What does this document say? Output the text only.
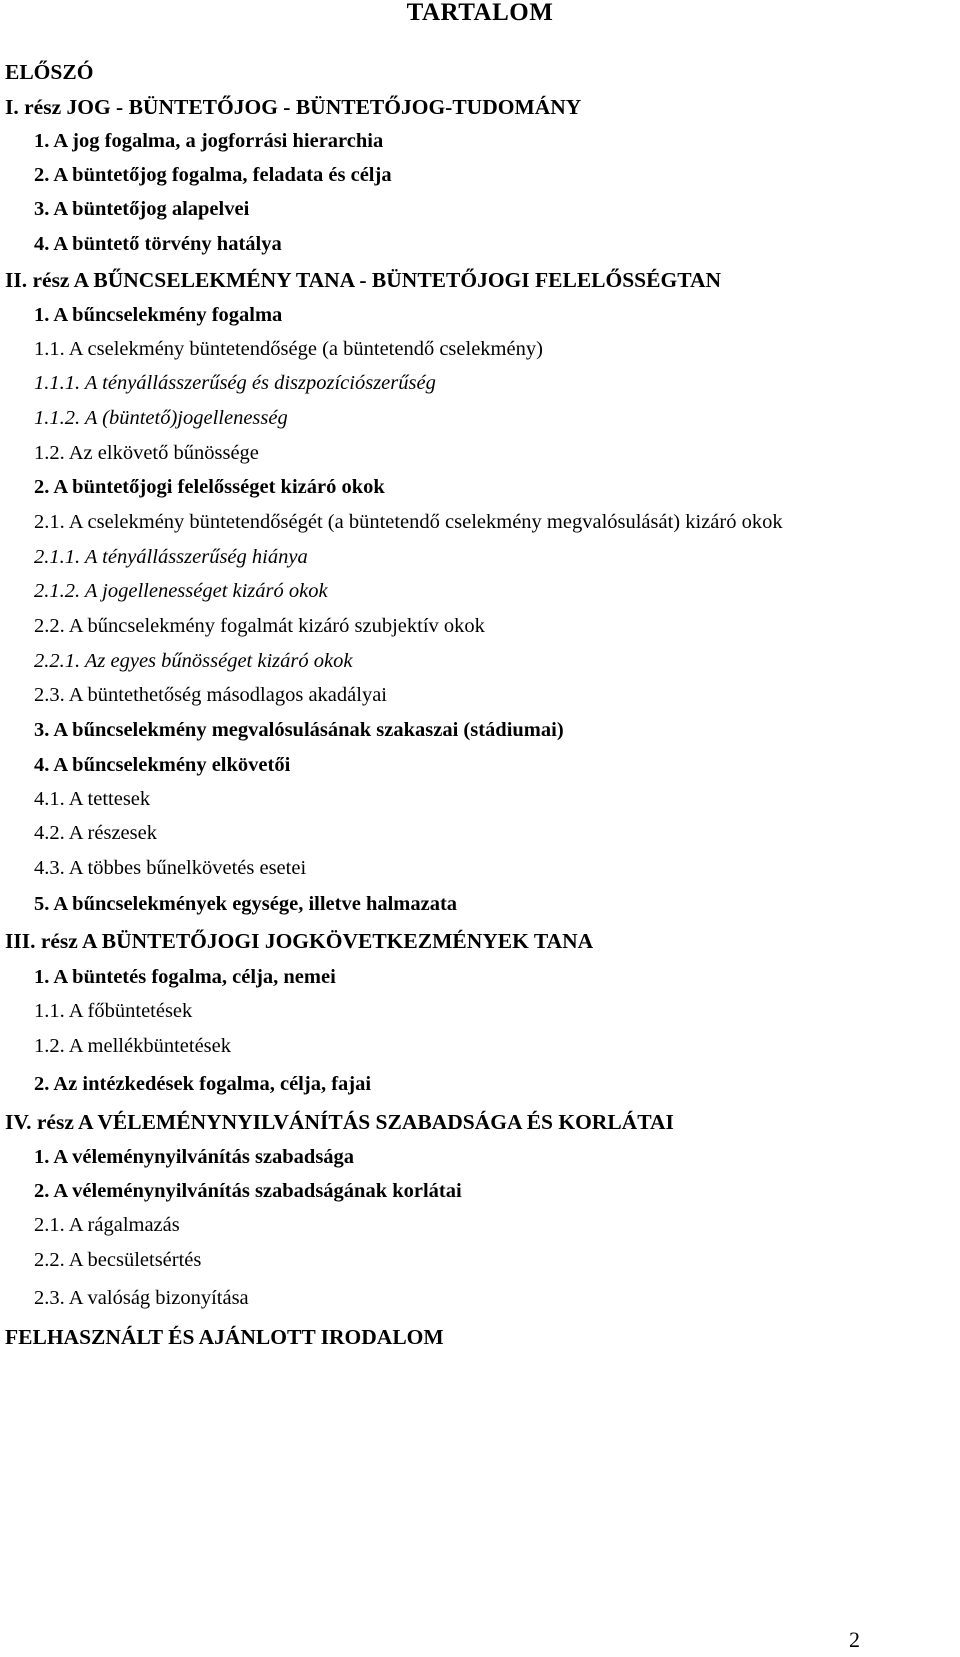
TARTALOM
ELŐSZÓ
I. rész JOG - BÜNTETŐJOG - BÜNTETŐJOG-TUDOMÁNY
1. A jog fogalma, a jogforrási hierarchia
2. A büntetőjog fogalma, feladata és célja
3. A büntetőjog alapelvei
4. A büntető törvény hatálya
II. rész A BŰNCSELEKMÉNY TANA - BÜNTETŐJOGI FELELŐSSÉGTAN
1. A bűncselekmény fogalma
1.1. A cselekmény büntetendősége (a büntetendő cselekmény)
1.1.1. A tényállásszerűség és diszpozíciószerűség
1.1.2. A (büntető)jogellenesség
1.2. Az elkövető bűnössége
2. A büntetőjogi felelősséget kizáró okok
2.1. A cselekmény büntetendőségét (a büntetendő cselekmény megvalósulását) kizáró okok
2.1.1. A tényállásszerűség hiánya
2.1.2. A jogellenességet kizáró okok
2.2. A bűncselekmény fogalmát kizáró szubjektív okok
2.2.1. Az egyes bűnösséget kizáró okok
2.3. A büntethetőség másodlagos akadályai
3. A bűncselekmény megvalósulásának szakaszai (stádiumai)
4. A bűncselekmény elkövetői
4.1. A tettesek
4.2. A részesek
4.3. A többes bűnelkövetés esetei
5. A bűncselekmények egysége, illetve halmazata
III. rész A BÜNTETŐJOGI JOGKÖVETKEZMÉNYEK TANA
1. A büntetés fogalma, célja, nemei
1.1. A főbüntetések
1.2. A mellékbüntetések
2. Az intézkedések fogalma, célja, fajai
IV. rész A VÉLEMÉNYNYILVÁNÍTÁS SZABADSÁGA ÉS KORLÁTAI
1. A véleménynyilvánítás szabadsága
2. A véleménynyilvánítás szabadságának korlátai
2.1. A rágalmazás
2.2. A becsületsértés
2.3. A valóság bizonyítása
FELHASZNÁLT ÉS AJÁNLOTT IRODALOM
2
